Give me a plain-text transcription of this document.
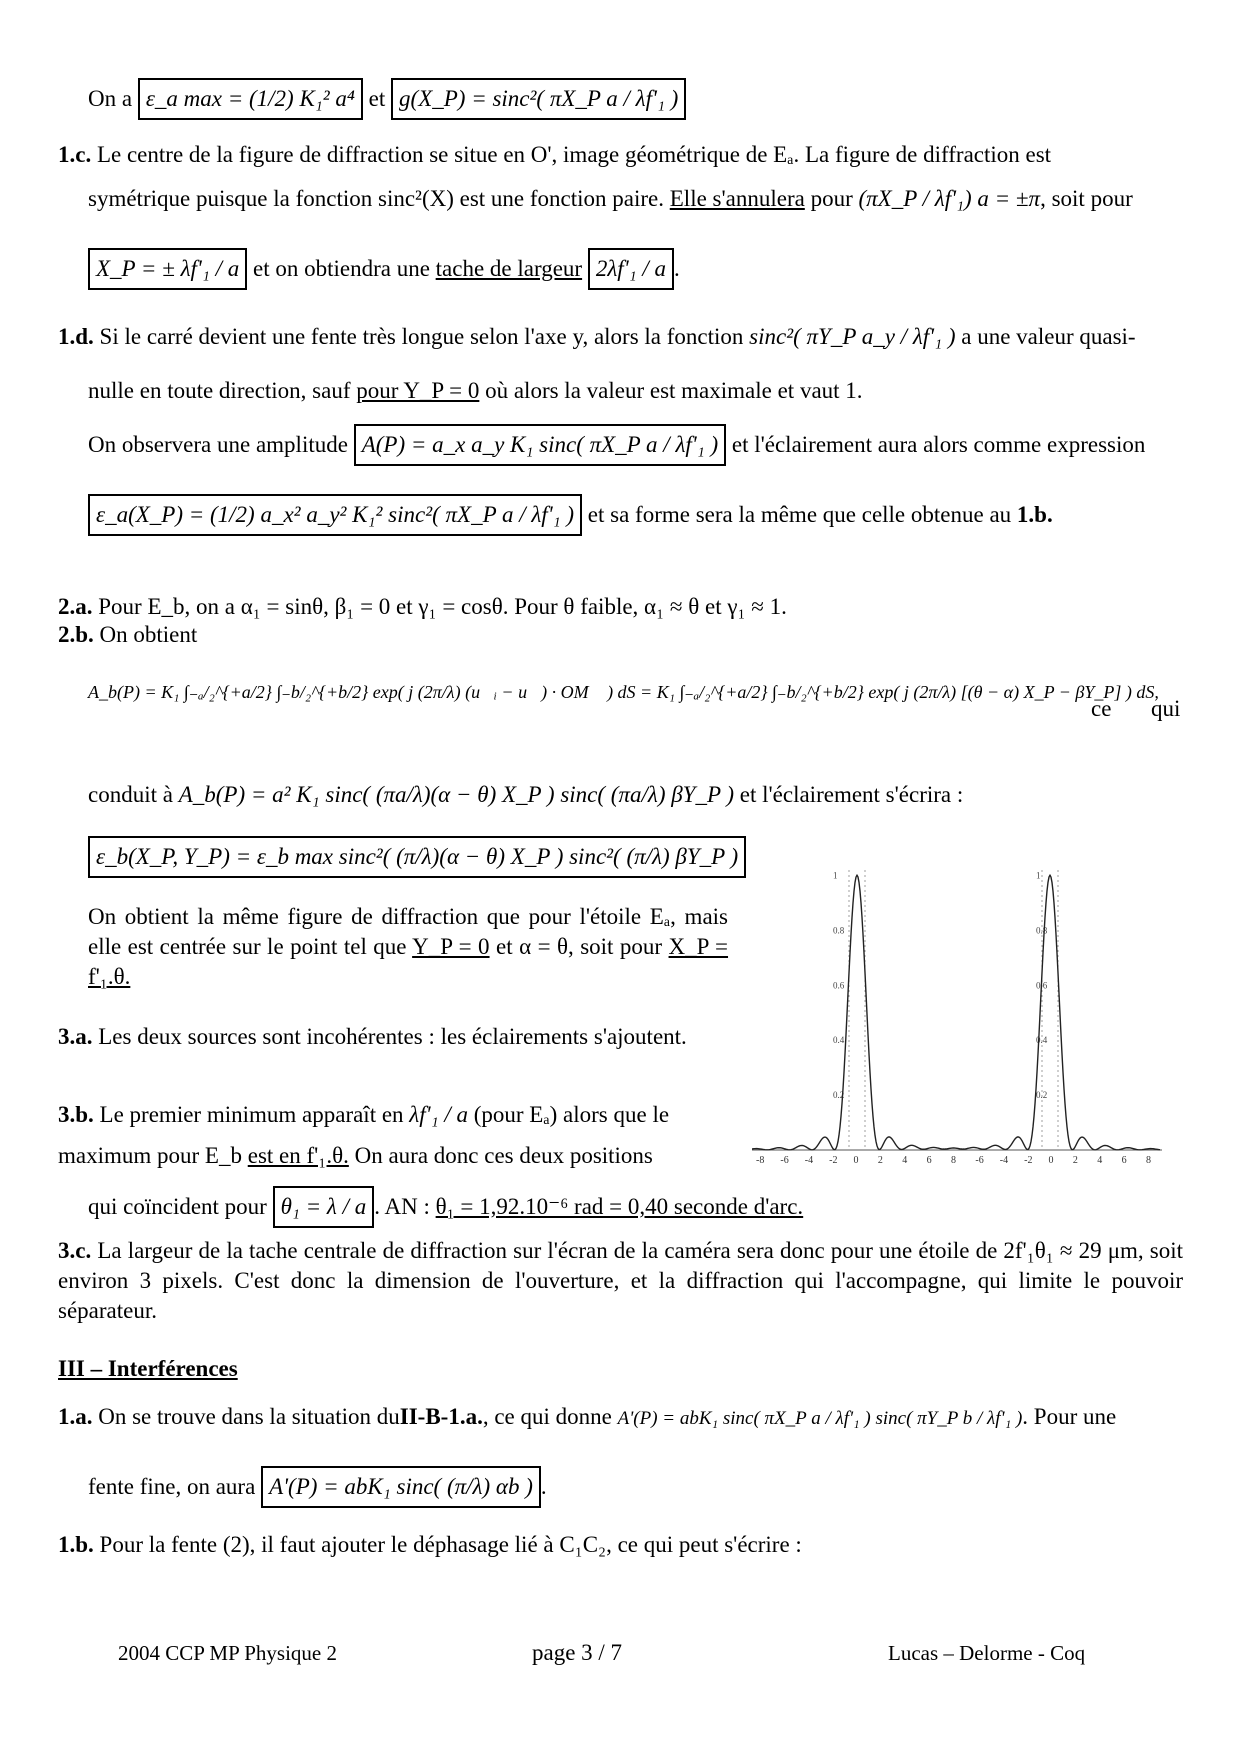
On a ε_a max = (1/2) K₁² a⁴ et g(X_P) = sinc²( πX_P a / λf'₁ )
1.c. Le centre de la figure de diffraction se situe en O', image géométrique de Eₐ. La figure de diffraction est
symétrique puisque la fonction sinc²(X) est une fonction paire. Elle s'annulera pour (πX_P / λf'₁) a = ±π, soit pour
X_P = ± λf'₁ / a et on obtiendra une tache de largeur 2λf'₁ / a .
1.d. Si le carré devient une fente très longue selon l'axe y, alors la fonction sinc²( πY_P a_y / λf'₁ ) a une valeur quasi-
nulle en toute direction, sauf pour Y_P = 0 où alors la valeur est maximale et vaut 1.
On observera une amplitude A(P) = a_x a_y K₁ sinc( πX_P a / λf'₁ ) et l'éclairement aura alors comme expression
ε_a(X_P) = (1/2) a_x² a_y² K₁² sinc²( πX_P a / λf'₁ ) et sa forme sera la même que celle obtenue au 1.b.
2.a. Pour E_b, on a α₁ = sinθ, β₁ = 0 et γ₁ = cosθ. Pour θ faible, α₁ ≈ θ et γ₁ ≈ 1.
2.b. On obtient
A_b(P) = K₁ ∫₋ₐ/₂^{+a/2} ∫₋b/₂^{+b/2} exp( j (2π/λ) (u⃗ᵢ − u⃗) · OM⃗ ) dS = K₁ ∫₋ₐ/₂^{+a/2} ∫₋b/₂^{+b/2} exp( j (2π/λ) [(θ − α) X_P − βY_P] ) dS,
ce qui
conduit à A_b(P) = a² K₁ sinc( (πa/λ)(α − θ) X_P ) sinc( (πa/λ) βY_P ) et l'éclairement s'écrira :
ε_b(X_P, Y_P) = ε_b max sinc²( (π/λ)(α − θ) X_P ) sinc²( (π/λ) βY_P )
On obtient la même figure de diffraction que pour l'étoile Eₐ, mais elle est centrée sur le point tel que Y_P = 0 et α = θ, soit pour X_P = f'₁.θ.
3.a. Les deux sources sont incohérentes : les éclairements s'ajoutent.
3.b. Le premier minimum apparaît en λf'₁ / a (pour Eₐ) alors que le maximum pour E_b est en f'₁.θ. On aura donc ces deux positions
qui coïncident pour θ₁ = λ / a . AN : θ₁ = 1,92.10⁻⁶ rad = 0,40 seconde d'arc.
0.2	0.2
0.4	0.4
0.6	0.6
0.8	0.8
1	1
-8 -6 -4 -2 0 2 4 6 8 -6 -4 -2 0 2 4 6 8
3.c. La largeur de la tache centrale de diffraction sur l'écran de la caméra sera donc pour une étoile de 2f'₁θ₁ ≈ 29 μm, soit environ 3 pixels. C'est donc la dimension de l'ouverture, et la diffraction qui l'accompagne, qui limite le pouvoir séparateur.
III – Interférences
1.a. On se trouve dans la situation duII-B-1.a., ce qui donne A'(P) = abK₁ sinc( πX_P a / λf'₁ ) sinc( πY_P b / λf'₁ ). Pour une
fente fine, on aura A'(P) = abK₁ sinc( (π/λ) αb ) .
1.b. Pour la fente (2), il faut ajouter le déphasage lié à C₁C₂, ce qui peut s'écrire :
2004 CCP MP Physique 2	page 3 / 7	Lucas – Delorme - Coq
